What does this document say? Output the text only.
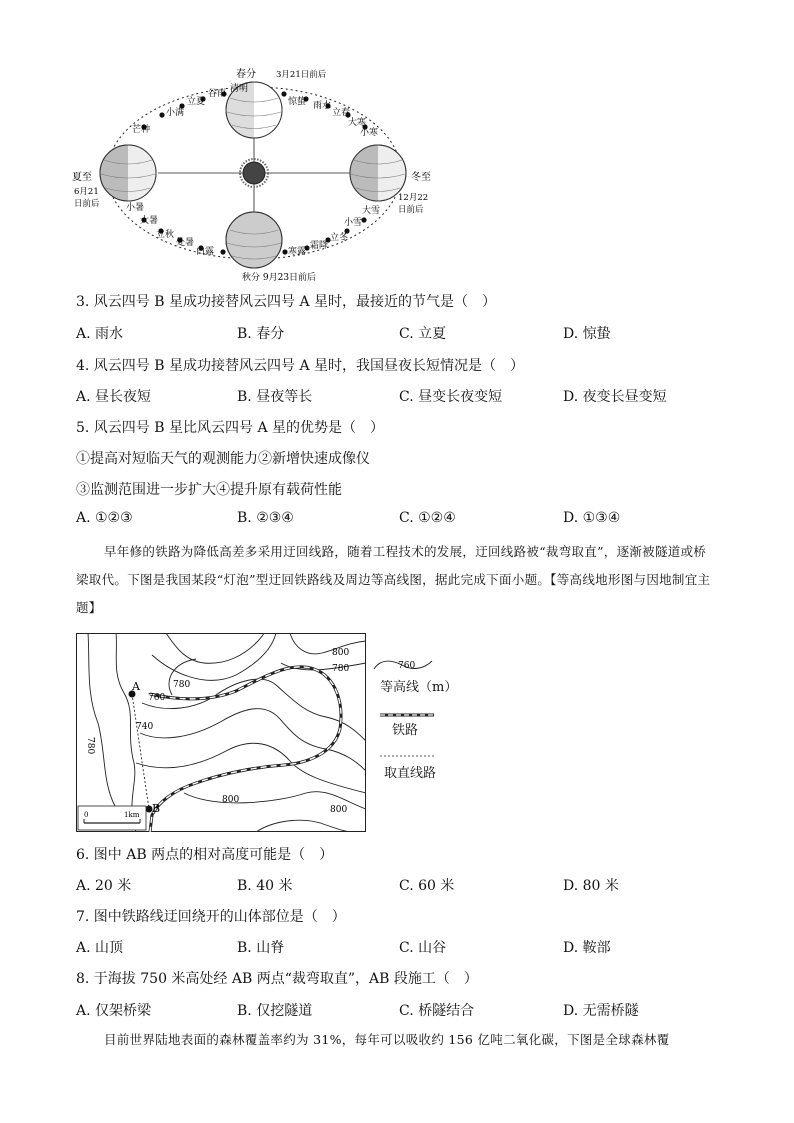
春分 3月21日前后
夏至
6月21
日前后
冬至
12月22
日前后
秋分 9月23日前后
清明
谷雨
立夏
小满
芒种
惊蛰 雨水
立春
大寒
小寒
小暑
大暑
立秋
处暑
白露	寒露
霜降
立冬
小雪
大雪
3. 风云四号 B 星成功接替风云四号 A 星时，最接近的节气是（　）
A. 雨水	B. 春分	C. 立夏	D. 惊蛰
4. 风云四号 B 星成功接替风云四号 A 星时，我国昼夜长短情况是（　）
A. 昼长夜短	B. 昼夜等长	C. 昼变长夜变短	D. 夜变长昼变短
5. 风云四号 B 星比风云四号 A 星的优势是（　）
①提高对短临天气的观测能力②新增快速成像仪
③监测范围进一步扩大④提升原有载荷性能
A. ①②③	B. ②③④	C. ①②④	D. ①③④
早年修的铁路为降低高差多采用迂回线路，随着工程技术的发展，迂回线路被“裁弯取直”，逐渐被隧道或桥梁取代。下图是我国某段“灯泡”型迂回铁路线及周边等高线图，据此完成下面小题。【等高线地形图与因地制宜主题】
A
B
800
780
760
780
740
780
800
800
0	1km
760
等高线（m）
铁路
取直线路
6. 图中 AB 两点的相对高度可能是（　）
A. 20 米	B. 40 米	C. 60 米	D. 80 米
7. 图中铁路线迂回绕开的山体部位是（　）
A. 山顶	B. 山脊	C. 山谷	D. 鞍部
8. 于海拔 750 米高处经 AB 两点“裁弯取直”，AB 段施工（　）
A. 仅架桥梁	B. 仅挖隧道	C. 桥隧结合	D. 无需桥隧
目前世界陆地表面的森林覆盖率约为 31%，每年可以吸收约 156 亿吨二氧化碳，下图是全球森林覆
